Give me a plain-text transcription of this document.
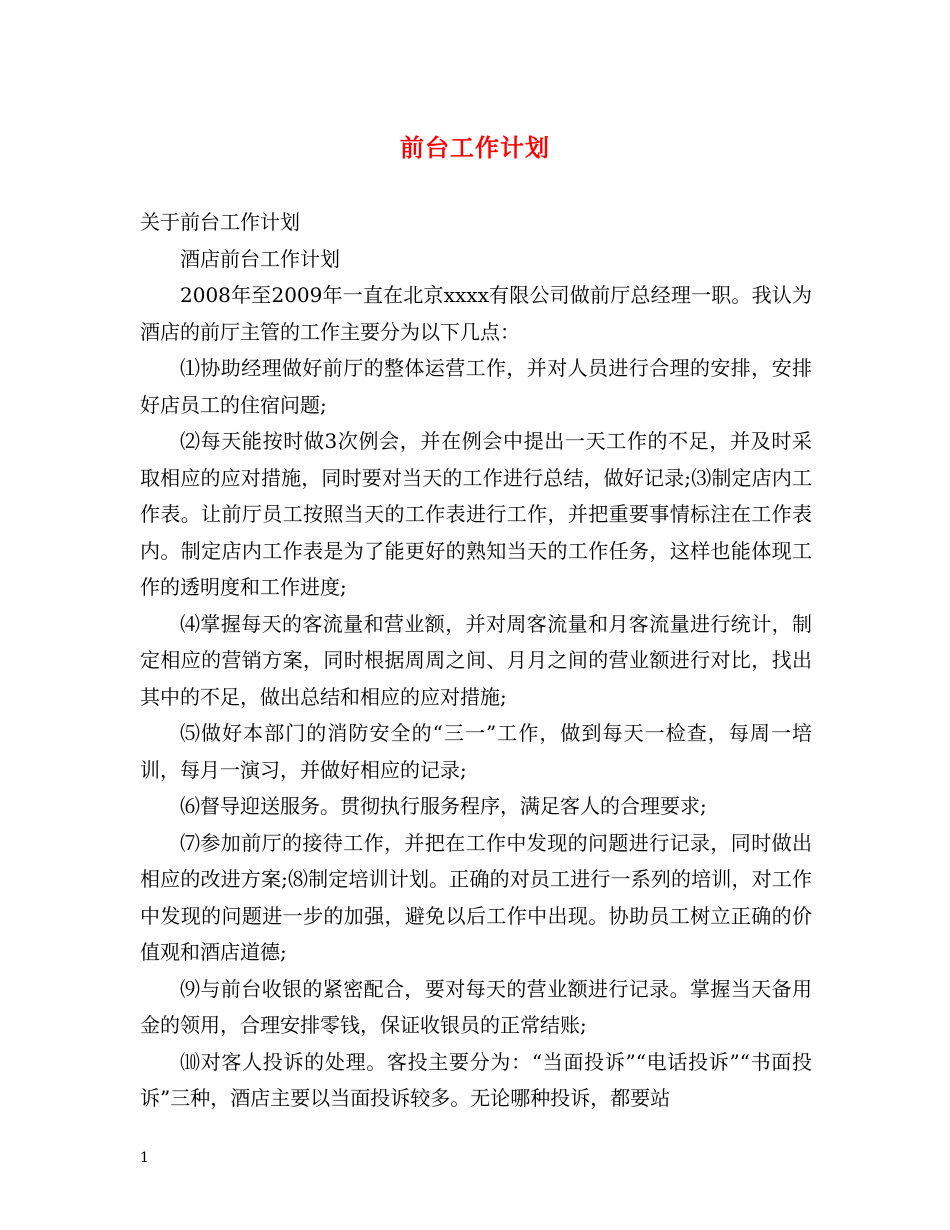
前台工作计划

关于前台工作计划

酒店前台工作计划

2008年至2009年一直在北京xxxx有限公司做前厅总经理一职。我认为酒店的前厅主管的工作主要分为以下几点：

⑴协助经理做好前厅的整体运营工作，并对人员进行合理的安排，安排好店员工的住宿问题;

⑵每天能按时做3次例会，并在例会中提出一天工作的不足，并及时采取相应的应对措施，同时要对当天的工作进行总结，做好记录;⑶制定店内工作表。让前厅员工按照当天的工作表进行工作，并把重要事情标注在工作表内。制定店内工作表是为了能更好的熟知当天的工作任务，这样也能体现工作的透明度和工作进度;

⑷掌握每天的客流量和营业额，并对周客流量和月客流量进行统计，制定相应的营销方案，同时根据周周之间、月月之间的营业额进行对比，找出其中的不足，做出总结和相应的应对措施;

⑸做好本部门的消防安全的“三一”工作，做到每天一检查，每周一培训，每月一演习，并做好相应的记录;

⑹督导迎送服务。贯彻执行服务程序，满足客人的合理要求;

⑺参加前厅的接待工作，并把在工作中发现的问题进行记录，同时做出相应的改进方案;⑻制定培训计划。正确的对员工进行一系列的培训，对工作中发现的问题进一步的加强，避免以后工作中出现。协助员工树立正确的价值观和酒店道德;

⑼与前台收银的紧密配合，要对每天的营业额进行记录。掌握当天备用金的领用，合理安排零钱，保证收银员的正常结账;

⑽对客人投诉的处理。客投主要分为：“当面投诉”“电话投诉”“书面投诉”三种，酒店主要以当面投诉较多。无论哪种投诉，都要站

1
